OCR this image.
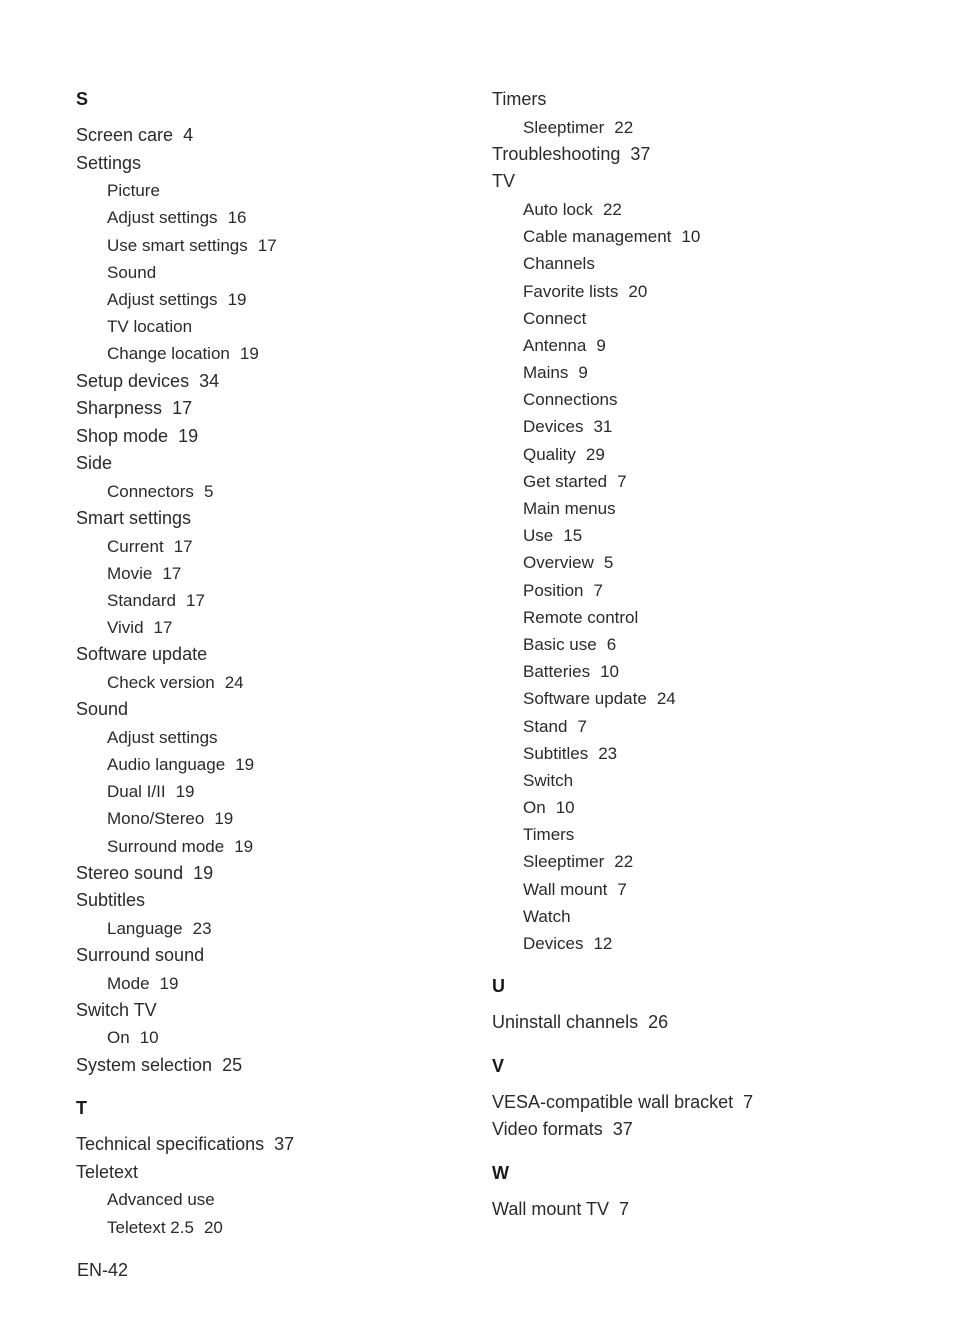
S
Screen care 4
Settings
Picture
Adjust settings 16
Use smart settings 17
Sound
Adjust settings 19
TV location
Change location 19
Setup devices 34
Sharpness 17
Shop mode 19
Side
Connectors 5
Smart settings
Current 17
Movie 17
Standard 17
Vivid 17
Software update
Check version 24
Sound
Adjust settings
Audio language 19
Dual I/II 19
Mono/Stereo 19
Surround mode 19
Stereo sound 19
Subtitles
Language 23
Surround sound
Mode 19
Switch TV
On 10
System selection 25
T
Technical specifications 37
Teletext
Advanced use
Teletext 2.5 20
Timers
Sleeptimer 22
Troubleshooting 37
TV
Auto lock 22
Cable management 10
Channels
Favorite lists 20
Connect
Antenna 9
Mains 9
Connections
Devices 31
Quality 29
Get started 7
Main menus
Use 15
Overview 5
Position 7
Remote control
Basic use 6
Batteries 10
Software update 24
Stand 7
Subtitles 23
Switch
On 10
Timers
Sleeptimer 22
Wall mount 7
Watch
Devices 12
U
Uninstall channels 26
V
VESA-compatible wall bracket 7
Video formats 37
W
Wall mount TV 7
EN-42
